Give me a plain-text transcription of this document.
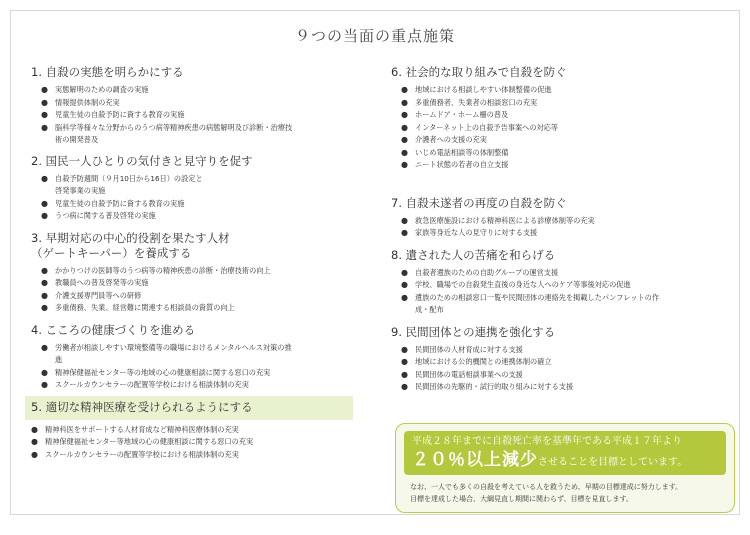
９つの当面の重点施策
1. 自殺の実態を明らかにする
● 実態解明のための調査の実施
● 情報提供体制の充実
● 児童生徒の自殺予防に資する教育の実施
● 脳科学等様々な分野からのうつ病等精神疾患の病態解明及び診断・治療技
術の開発普及
2. 国民一人ひとりの気付きと見守りを促す
● 自殺予防週間（９月10日から16日）の設定と
啓発事業の実施
● 児童生徒の自殺予防に資する教育の実施
● うつ病に関する普及啓発の実施
3. 早期対応の中心的役割を果たす人材
（ゲートキーパー）を養成する
● かかりつけの医師等のうつ病等の精神疾患の診断・治療技術の向上
● 教職員への普及啓発等の実施
● 介護支援専門員等への研修
● 多重債務、失業、経営難に関連する相談員の資質の向上
4. こころの健康づくりを進める
● 労働者が相談しやすい環境整備等の職場におけるメンタルヘルス対策の推
進
● 精神保健福祉センター等の地域の心の健康相談に関する窓口の充実
● スクールカウンセラーの配置等学校における相談体制の充実
5. 適切な精神医療を受けられるようにする
● 精神科医をサポートする人材育成など精神科医療体制の充実
● 精神保健福祉センター等地域の心の健康相談に関する窓口の充実
● スクールカウンセラーの配置等学校における相談体制の充実
6. 社会的な取り組みで自殺を防ぐ
● 地域における相談しやすい体制整備の促進
● 多重債務者、失業者の相談窓口の充実
● ホームドア・ホーム柵の普及
● インターネット上の自殺予告事案への対応等
● 介護者への支援の充実
● いじめ電話相談等の体制整備
● ニート状態の若者の自立支援
7. 自殺未遂者の再度の自殺を防ぐ
● 救急医療施設における精神科医による診療体制等の充実
● 家族等身近な人の見守りに対する支援
8. 遺された人の苦痛を和らげる
● 自殺者遺族のための自助グループの運営支援
● 学校、職場での自殺発生直後の身近な人へのケア等事後対応の促進
● 遺族のための相談窓口一覧や民間団体の連絡先を掲載したパンフレットの作
成・配布
9. 民間団体との連携を強化する
● 民間団体の人材育成に対する支援
● 地域における公的機関との連携体制の確立
● 民間団体の電話相談事業への支援
● 民間団体の先駆的・試行的取り組みに対する支援
平成２８年までに自殺死亡率を基準年である平成１７年より
２０％以上減少させることを目標としています。
なお、一人でも多くの自殺を考えている人を救うため、早期の目標達成に努力します。
目標を達成した場合、大綱見直し期間に関わらず、目標を見直します。
